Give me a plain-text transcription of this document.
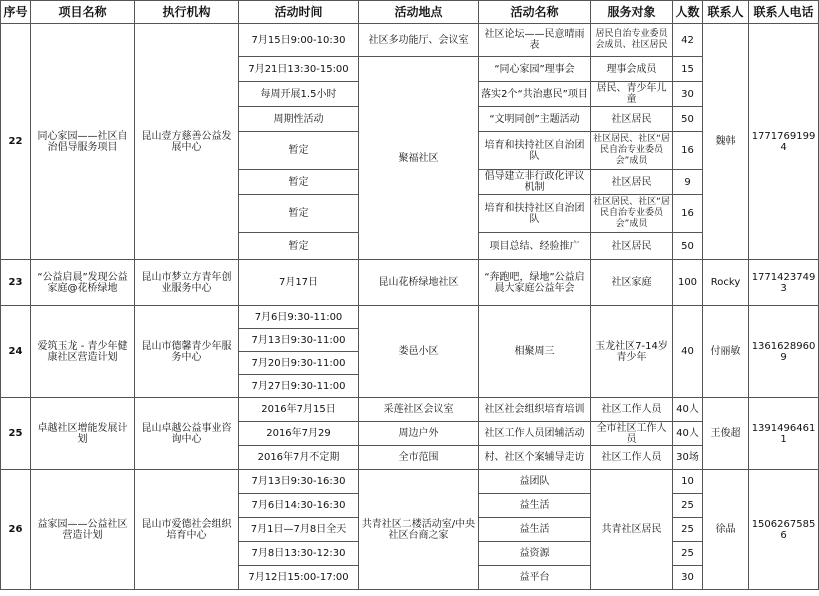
序号	项目名称	执行机构	活动时间	活动地点	活动名称	服务对象	人数	联系人	联系人电话
22	同心家园——社区自治倡导服务项目	昆山壹方慈善公益发展中心	7月15日9:00-10:30	社区多功能厅、会议室	社区论坛——民意晴雨表	居民自治专业委员会成员、社区居民	42	魏韩	17717691994
			7月21日13:30-15:00	聚福社区	“同心家园”理事会	理事会成员	15		
			每周开展1.5小时		落实2个“共治惠民”项目	居民、青少年儿童	30		
			周期性活动		“文明同创”主题活动	社区居民	50		
			暂定		培育和扶持社区自治团队	社区居民、社区“居民自治专业委员会”成员	16		
			暂定		倡导建立非行政化评议机制	社区居民	9		
			暂定		培育和扶持社区自治团队	社区居民、社区“居民自治专业委员会”成员	16		
			暂定		项目总结、经验推广	社区居民	50		
23	“公益启晨”发现公益家庭@花桥绿地	昆山市梦立方青年创业服务中心	7月17日	昆山花桥绿地社区	“奔跑吧，绿地”公益启晨大家庭公益年会	社区家庭	100	Rocky	17714237493
24	爱筑玉龙 - 青少年健康社区营造计划	昆山市德馨青少年服务中心	7月6日9:30-11:00	娄邑小区	相聚周三	玉龙社区7-14岁青少年	40	付丽敏	13616289609
			7月13日9:30-11:00						
			7月20日9:30-11:00						
			7月27日9:30-11:00						
25	卓越社区增能发展计划	昆山卓越公益事业咨询中心	2016年7月15日	采莲社区会议室	社区社会组织培育培训	社区工作人员	40人	王俊超	13914964611
			2016年7月29	周边户外	社区工作人员团辅活动	全市社区工作人员	40人		
			2016年7月不定期	全市范围	村、社区个案辅导走访	社区工作人员	30场		
26	益家园——公益社区营造计划	昆山市爱德社会组织培育中心	7月13日9:30-16:30	共青社区二楼活动室/中央社区台商之家	益团队	共青社区居民	10	徐晶	15062675856
			7月6日14:30-16:30		益生活		25		
			7月1日—7月8日全天		益生活		25		
			7月8日13:30-12:30		益资源		25		
			7月12日15:00-17:00		益平台		30		
